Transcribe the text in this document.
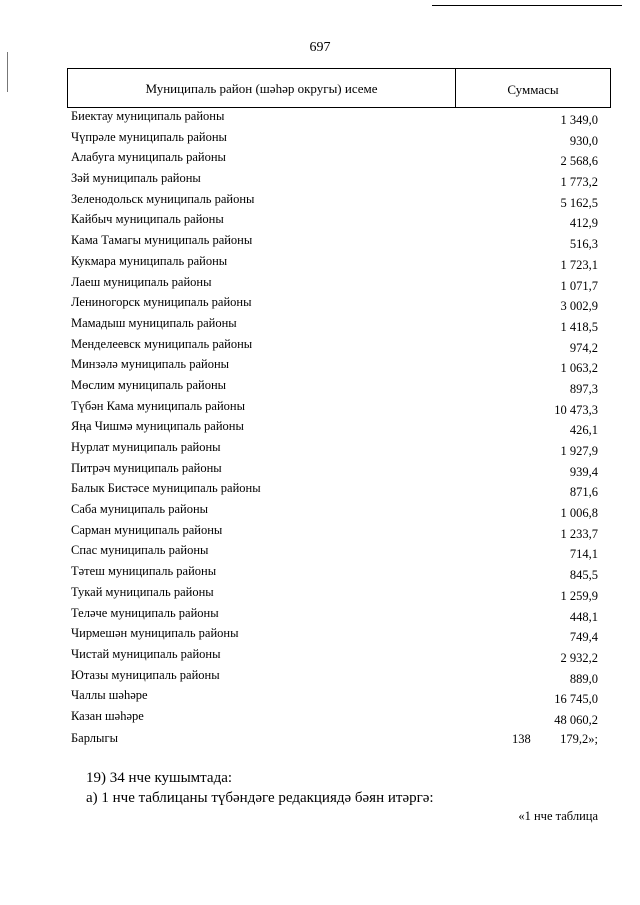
697
Муниципаль район (шәһәр округы) исеме	Суммасы
Биектау муниципаль районы	1 349,0
Чүпрәле муниципаль районы	930,0
Алабуга муниципаль районы	2 568,6
Зәй муниципаль районы	1 773,2
Зеленодольск муниципаль районы	5 162,5
Кайбыч муниципаль районы	412,9
Кама Тамагы муниципаль районы	516,3
Кукмара муниципаль районы	1 723,1
Лаеш муниципаль районы	1 071,7
Лениногорск муниципаль районы	3 002,9
Мамадыш муниципаль районы	1 418,5
Менделеевск муниципаль районы	974,2
Минзәлә муниципаль районы	1 063,2
Мөслим муниципаль районы	897,3
Түбән Кама муниципаль районы	10 473,3
Яңа Чишмә муниципаль районы	426,1
Нурлат муниципаль районы	1 927,9
Питрәч муниципаль районы	939,4
Балык Бистәсе муниципаль районы	871,6
Саба муниципаль районы	1 006,8
Сарман муниципаль районы	1 233,7
Спас муниципаль районы	714,1
Тәтеш муниципаль районы	845,5
Тукай муниципаль районы	1 259,9
Теләче муниципаль районы	448,1
Чирмешән муниципаль районы	749,4
Чистай муниципаль районы	2 932,2
Ютазы муниципаль районы	889,0
Чаллы шәһәре	16 745,0
Казан шәһәре	48 060,2
Барлыгы	138 179,2»;
19) 34 нче кушымтада:
а) 1 нче таблицаны түбәндәге редакциядә бәян итәргә:
«1 нче таблица
